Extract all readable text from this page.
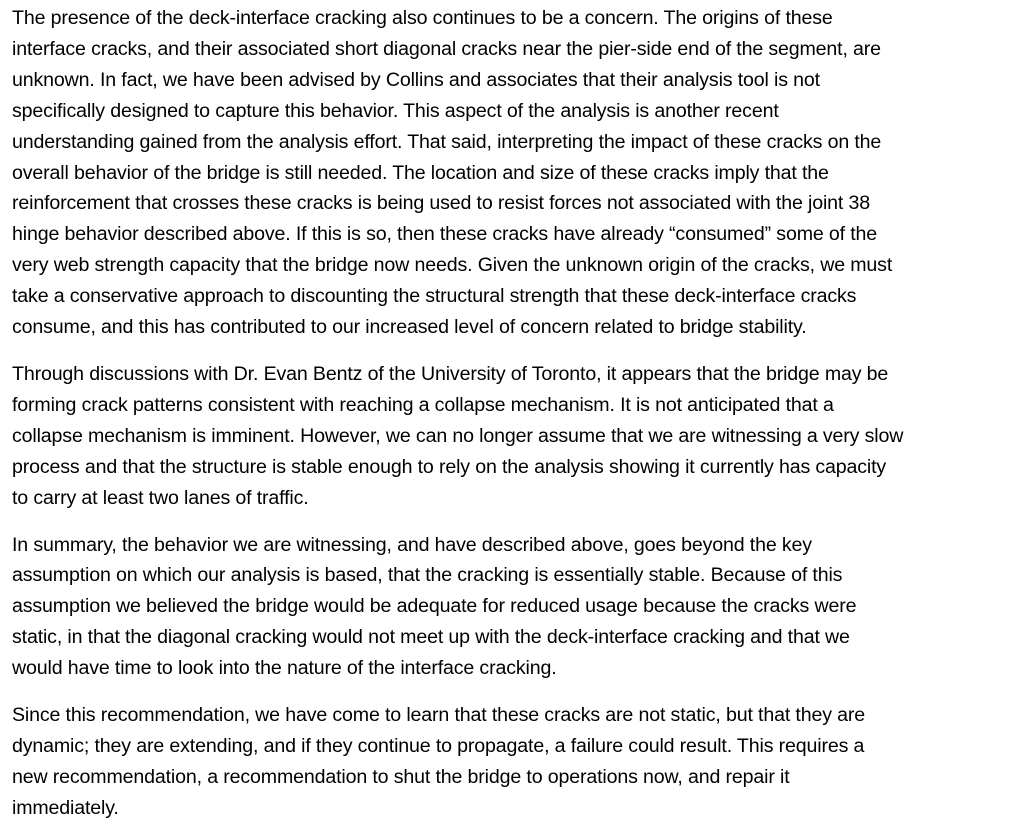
The presence of the deck-interface cracking also continues to be a concern. The origins of these
interface cracks, and their associated short diagonal cracks near the pier-side end of the segment, are
unknown. In fact, we have been advised by Collins and associates that their analysis tool is not
specifically designed to capture this behavior. This aspect of the analysis is another recent
understanding gained from the analysis effort. That said, interpreting the impact of these cracks on the
overall behavior of the bridge is still needed. The location and size of these cracks imply that the
reinforcement that crosses these cracks is being used to resist forces not associated with the joint 38
hinge behavior described above. If this is so, then these cracks have already “consumed” some of the
very web strength capacity that the bridge now needs. Given the unknown origin of the cracks, we must
take a conservative approach to discounting the structural strength that these deck-interface cracks
consume, and this has contributed to our increased level of concern related to bridge stability.

Through discussions with Dr. Evan Bentz of the University of Toronto, it appears that the bridge may be
forming crack patterns consistent with reaching a collapse mechanism. It is not anticipated that a
collapse mechanism is imminent. However, we can no longer assume that we are witnessing a very slow
process and that the structure is stable enough to rely on the analysis showing it currently has capacity
to carry at least two lanes of traffic.

In summary, the behavior we are witnessing, and have described above, goes beyond the key
assumption on which our analysis is based, that the cracking is essentially stable. Because of this
assumption we believed the bridge would be adequate for reduced usage because the cracks were
static, in that the diagonal cracking would not meet up with the deck-interface cracking and that we
would have time to look into the nature of the interface cracking.

Since this recommendation, we have come to learn that these cracks are not static, but that they are
dynamic; they are extending, and if they continue to propagate, a failure could result. This requires a
new recommendation, a recommendation to shut the bridge to operations now, and repair it
immediately.
